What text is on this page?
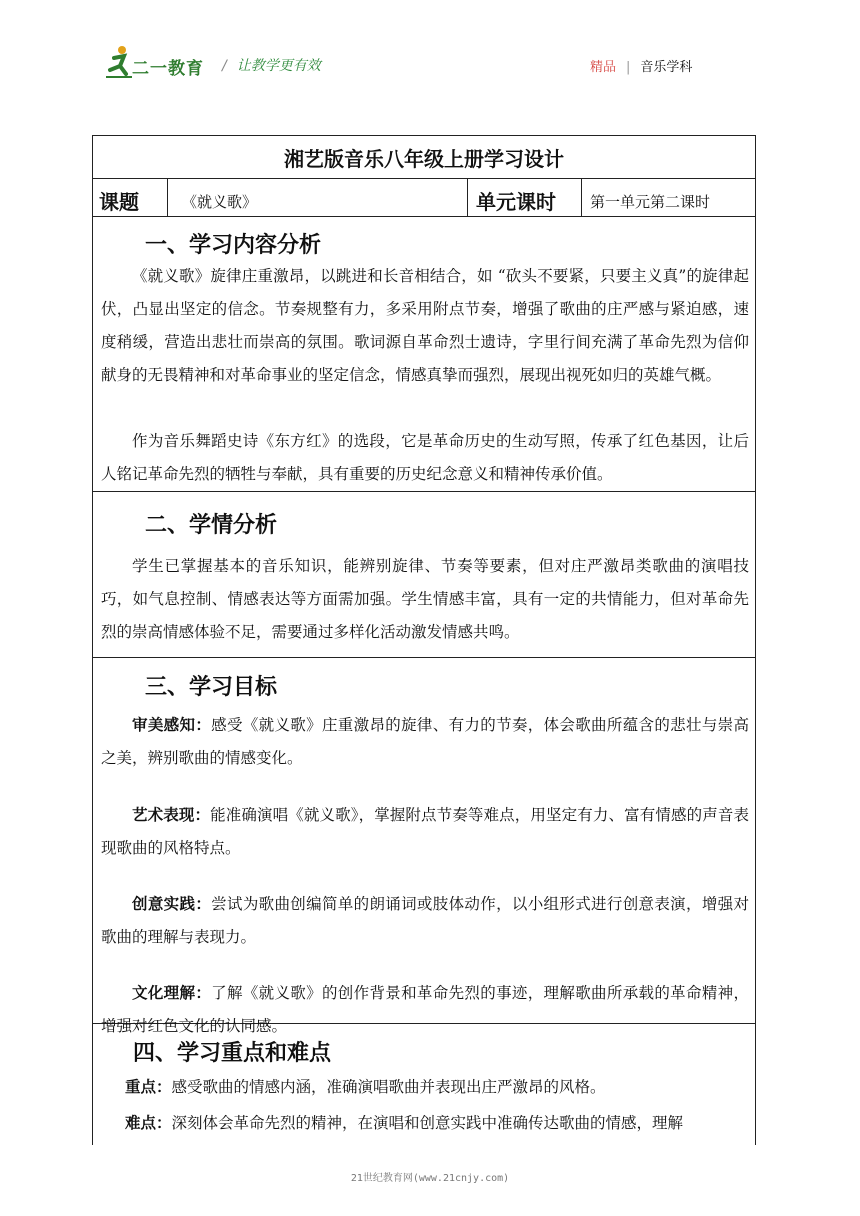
二一教育 / 让教学更有效	精品 | 音乐学科
湘艺版音乐八年级上册学习设计
课题	《就义歌》	单元课时	第一单元第二课时
一、学习内容分析

《就义歌》旋律庄重激昂，以跳进和长音相结合，如 “砍头不要紧，只要主义真”的旋律起伏，凸显出坚定的信念。节奏规整有力，多采用附点节奏，增强了歌曲的庄严感与紧迫感，速度稍缓，营造出悲壮而崇高的氛围。歌词源自革命烈士遗诗，字里行间充满了革命先烈为信仰献身的无畏精神和对革命事业的坚定信念，情感真挚而强烈，展现出视死如归的英雄气概。

作为音乐舞蹈史诗《东方红》的选段，它是革命历史的生动写照，传承了红色基因，让后人铭记革命先烈的牺牲与奉献，具有重要的历史纪念意义和精神传承价值。

二、学情分析

学生已掌握基本的音乐知识，能辨别旋律、节奏等要素，但对庄严激昂类歌曲的演唱技巧，如气息控制、情感表达等方面需加强。学生情感丰富，具有一定的共情能力，但对革命先烈的崇高情感体验不足，需要通过多样化活动激发情感共鸣。

三、学习目标

审美感知：感受《就义歌》庄重激昂的旋律、有力的节奏，体会歌曲所蕴含的悲壮与崇高之美，辨别歌曲的情感变化。

艺术表现：能准确演唱《就义歌》，掌握附点节奏等难点，用坚定有力、富有情感的声音表现歌曲的风格特点。

创意实践：尝试为歌曲创编简单的朗诵词或肢体动作，以小组形式进行创意表演，增强对歌曲的理解与表现力。

文化理解：了解《就义歌》的创作背景和革命先烈的事迹，理解歌曲所承载的革命精神，增强对红色文化的认同感。

四、学习重点和难点

重点：感受歌曲的情感内涵，准确演唱歌曲并表现出庄严激昂的风格。

难点：深刻体会革命先烈的精神，在演唱和创意实践中准确传达歌曲的情感，理解

21世纪教育网(www.21cnjy.com)
